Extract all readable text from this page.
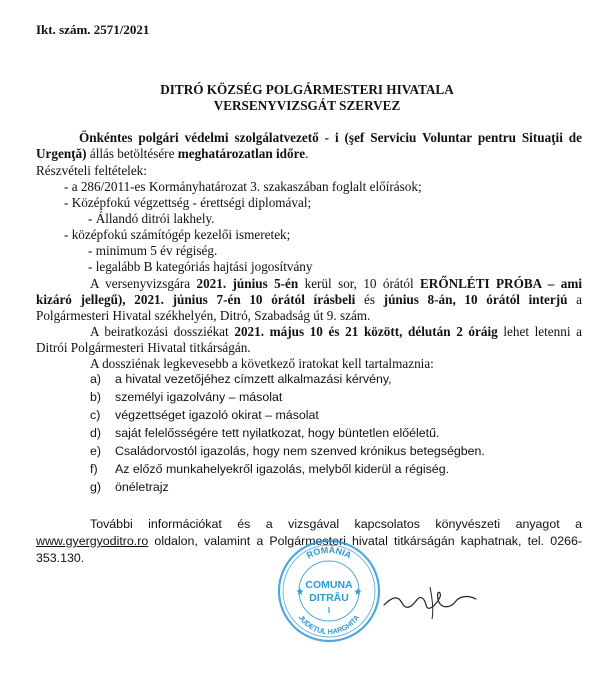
Ikt. szám. 2571/2021
DITRÓ KÖZSÉG POLGÁRMESTERI HIVATALA
VERSENYVIZSGÁT SZERVEZ
Önkéntes polgári védelmi szolgálatvezető - i (şef Serviciu Voluntar pentru Situaţii de Urgenţă) állás betöltésére meghatározatlan időre.
Részvételi feltételek:
- a 286/2011-es Kormányhatározat 3. szakaszában foglalt előírások;
- Középfokú végzettség - érettségi diplomával;
- Állandó ditrói lakhely.
- középfokú számítógép kezelői ismeretek;
- minimum 5 év régiség.
- legalább B kategóriás hajtási jogosítvány
A versenyvizsgára 2021. június 5-én kerül sor, 10 órától ERŐNLÉTI PRÓBA – ami kizáró jellegű), 2021. június 7-én 10 órától írásbeli és június 8-án, 10 órától interjú a Polgármesteri Hivatal székhelyén, Ditró, Szabadság út 9. szám.
A beiratkozási dossziékat 2021. május 10 és 21 között, délután 2 óráig lehet letenni a Ditrói Polgármesteri Hivatal titkárságán.
A dossziénak legkevesebb a következő iratokat kell tartalmaznia:
a) a hivatal vezetőjéhez címzett alkalmazási kérvény,
b) személyi igazolvány – másolat
c) végzettséget igazoló okirat – másolat
d) saját felelősségére tett nyilatkozat, hogy büntetlen előéletű.
e) Családorvostól igazolás, hogy nem szenved krónikus betegségben.
f) Az előző munkahelyekről igazolás, melyből kiderül a régiség.
g) önéletrajz
További információkat és a vizsgával kapcsolatos könyvészeti anyagot a www.gyergyoditro.ro oldalon, valamint a Polgármesteri hivatal titkárságán kaphatnak, tel. 0266-353.130.	ROMÂNIA
JUDEȚUL HARGHITA
COMUNA
DITRĂU
★	★
I
